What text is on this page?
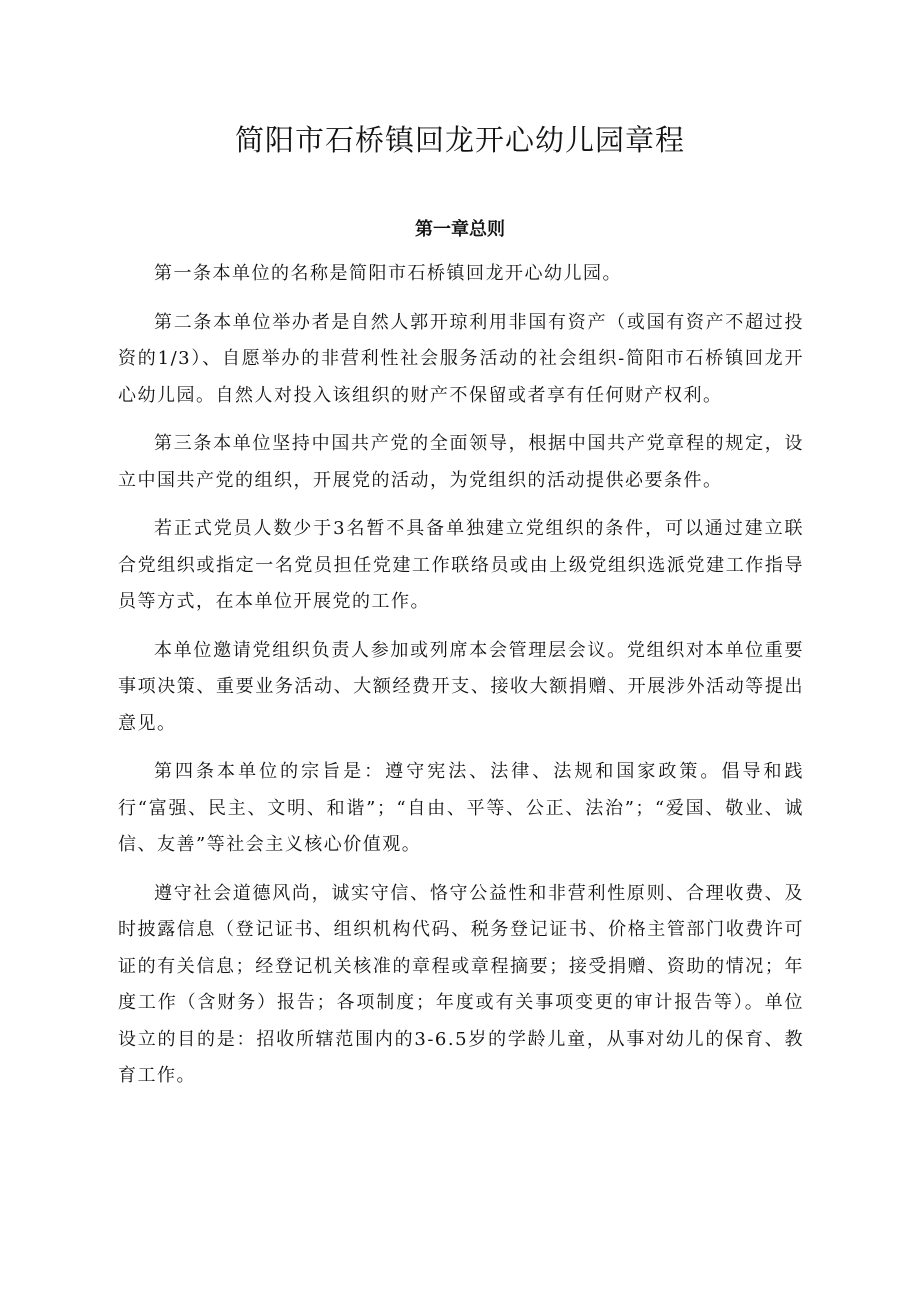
简阳市石桥镇回龙开心幼儿园章程
第一章总则

第一条本单位的名称是简阳市石桥镇回龙开心幼儿园。

第二条本单位举办者是自然人郭开琼利用非国有资产（或国有资产不超过投资的1/3）、自愿举办的非营利性社会服务活动的社会组织-简阳市石桥镇回龙开心幼儿园。自然人对投入该组织的财产不保留或者享有任何财产权利。

第三条本单位坚持中国共产党的全面领导，根据中国共产党章程的规定，设立中国共产党的组织，开展党的活动，为党组织的活动提供必要条件。

若正式党员人数少于3名暂不具备单独建立党组织的条件，可以通过建立联合党组织或指定一名党员担任党建工作联络员或由上级党组织选派党建工作指导员等方式，在本单位开展党的工作。

本单位邀请党组织负责人参加或列席本会管理层会议。党组织对本单位重要事项决策、重要业务活动、大额经费开支、接收大额捐赠、开展涉外活动等提出意见。

第四条本单位的宗旨是：遵守宪法、法律、法规和国家政策。倡导和践行“富强、民主、文明、和谐”；“自由、平等、公正、法治”；“爱国、敬业、诚信、友善”等社会主义核心价值观。

遵守社会道德风尚，诚实守信、恪守公益性和非营利性原则、合理收费、及时披露信息（登记证书、组织机构代码、税务登记证书、价格主管部门收费许可证的有关信息；经登记机关核准的章程或章程摘要；接受捐赠、资助的情况；年度工作（含财务）报告；各项制度；年度或有关事项变更的审计报告等）。单位设立的目的是：招收所辖范围内的3-6.5岁的学龄儿童，从事对幼儿的保育、教育工作。
